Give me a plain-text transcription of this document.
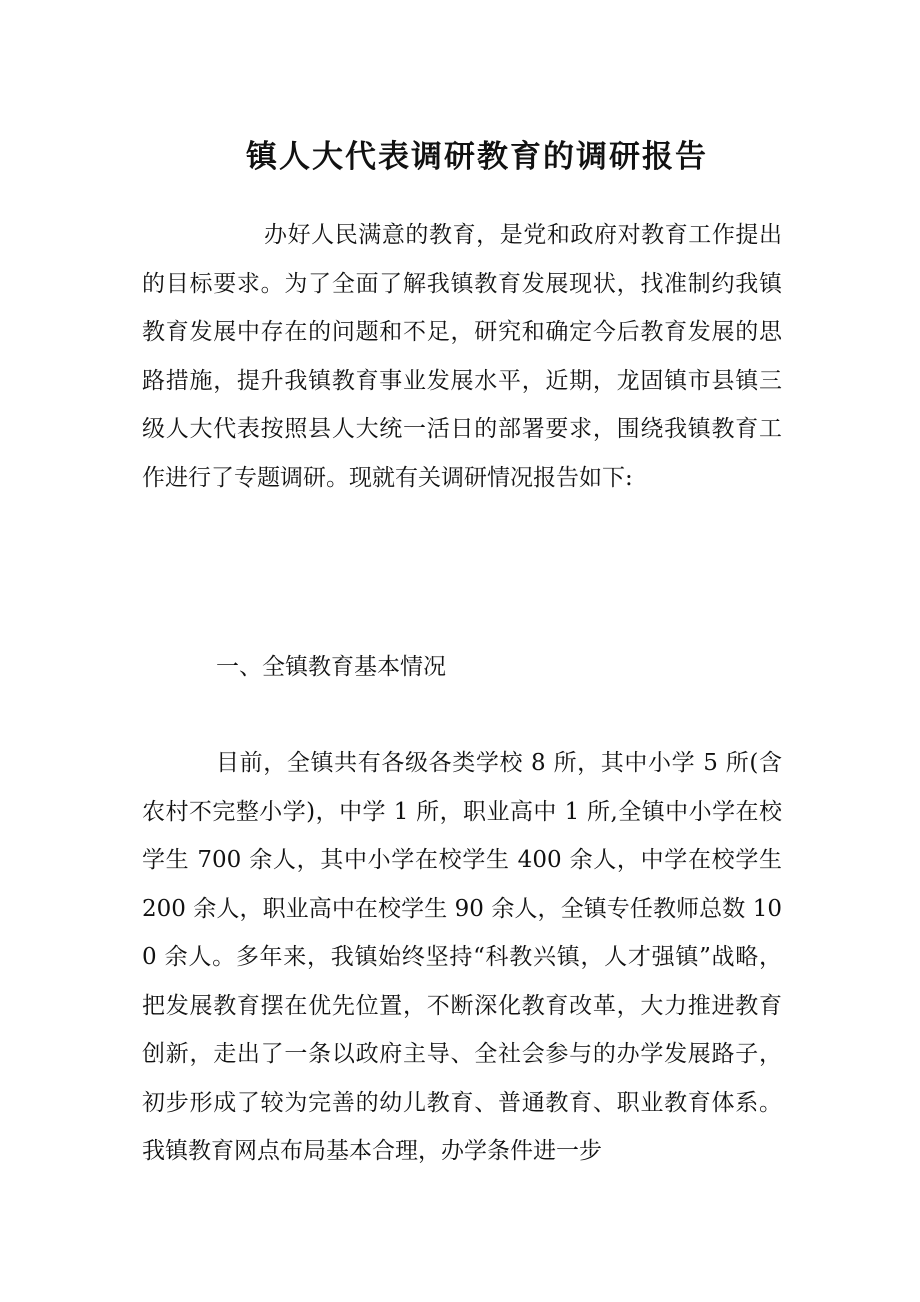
镇人大代表调研教育的调研报告

办好人民满意的教育，是党和政府对教育工作提出的目标要求。为了全面了解我镇教育发展现状，找准制约我镇教育发展中存在的问题和不足，研究和确定今后教育发展的思路措施，提升我镇教育事业发展水平，近期，龙固镇市县镇三级人大代表按照县人大统一活日的部署要求，围绕我镇教育工作进行了专题调研。现就有关调研情况报告如下:

一、全镇教育基本情况

目前，全镇共有各级各类学校 8 所，其中小学 5 所(含农村不完整小学)，中学 1 所，职业高中 1 所,全镇中小学在校学生 700 余人，其中小学在校学生 400 余人，中学在校学生 200 余人，职业高中在校学生 90 余人，全镇专任教师总数 100 余人。多年来，我镇始终坚持“科教兴镇，人才强镇”战略，把发展教育摆在优先位置，不断深化教育改革，大力推进教育创新，走出了一条以政府主导、全社会参与的办学发展路子，初步形成了较为完善的幼儿教育、普通教育、职业教育体系。我镇教育网点布局基本合理，办学条件进一步
